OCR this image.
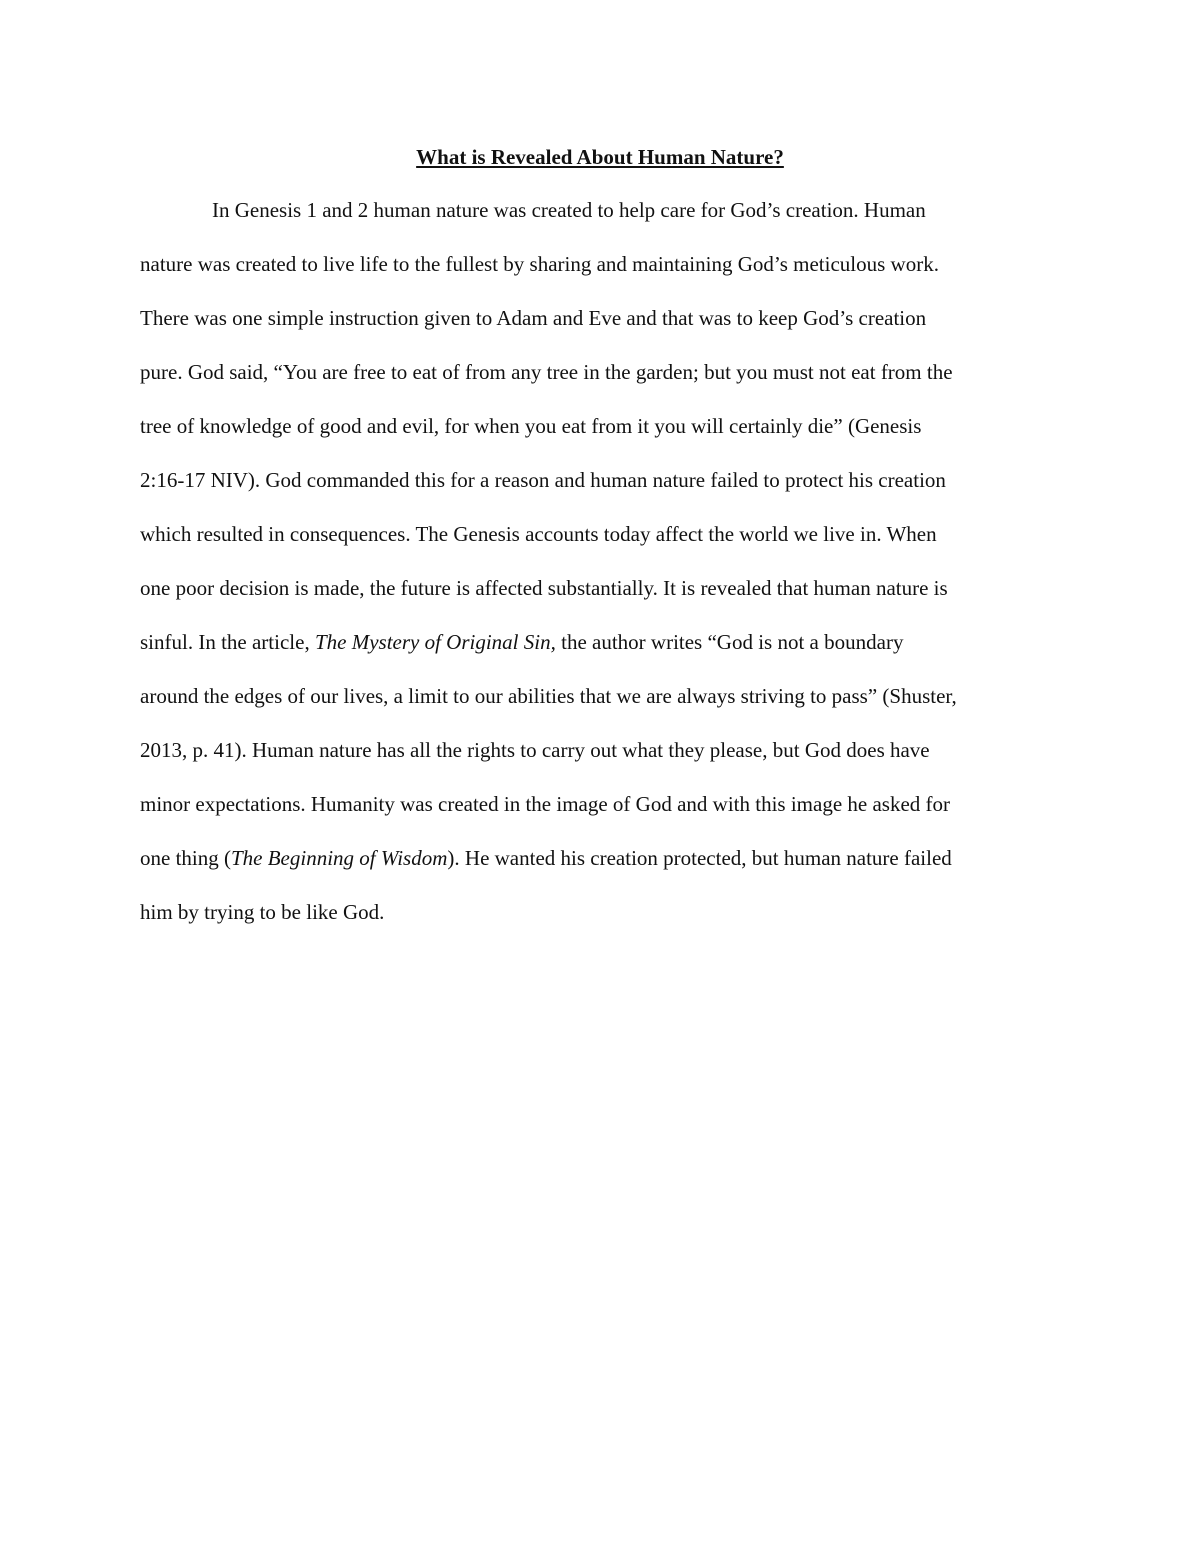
What is Revealed About Human Nature?
In Genesis 1 and 2 human nature was created to help care for God’s creation. Human
nature was created to live life to the fullest by sharing and maintaining God’s meticulous work.
There was one simple instruction given to Adam and Eve and that was to keep God’s creation
pure. God said, “You are free to eat of from any tree in the garden; but you must not eat from the
tree of knowledge of good and evil, for when you eat from it you will certainly die” (Genesis
2:16-17 NIV). God commanded this for a reason and human nature failed to protect his creation
which resulted in consequences. The Genesis accounts today affect the world we live in. When
one poor decision is made, the future is affected substantially. It is revealed that human nature is
sinful. In the article, The Mystery of Original Sin, the author writes “God is not a boundary
around the edges of our lives, a limit to our abilities that we are always striving to pass” (Shuster,
2013, p. 41). Human nature has all the rights to carry out what they please, but God does have
minor expectations. Humanity was created in the image of God and with this image he asked for
one thing (The Beginning of Wisdom). He wanted his creation protected, but human nature failed
him by trying to be like God.
